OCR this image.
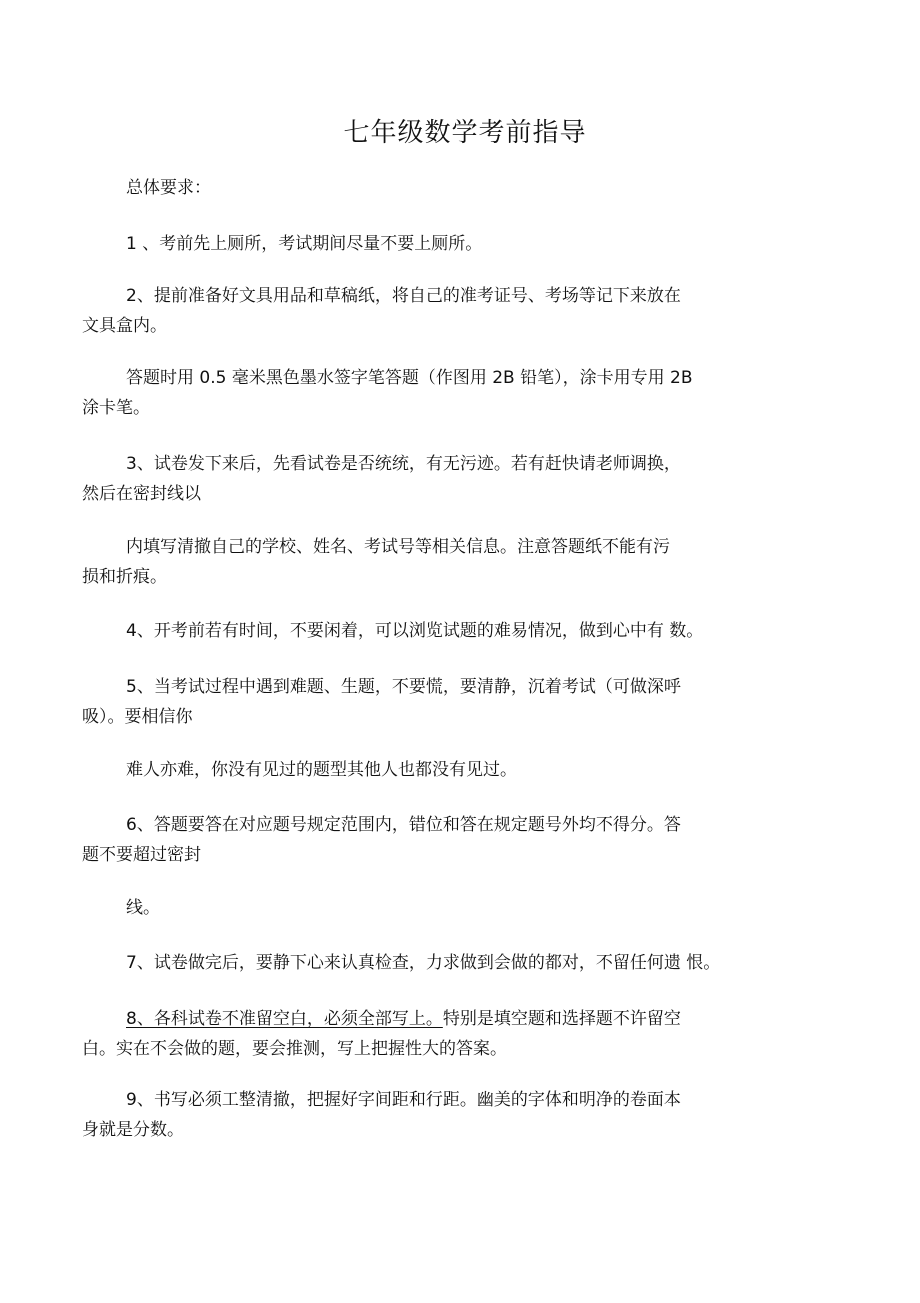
七年级数学考前指导
总体要求：
1 、考前先上厕所，考试期间尽量不要上厕所。
2、提前准备好文具用品和草稿纸，将自己的准考证号、考场等记下来放在
文具盒内。
答题时用 0.5 毫米黑色墨水签字笔答题（作图用 2B 铅笔），涂卡用专用 2B
涂卡笔。
3、试卷发下来后，先看试卷是否统统，有无污迹。若有赶快请老师调换，
然后在密封线以
内填写清撤自己的学校、姓名、考试号等相关信息。注意答题纸不能有污
损和折痕。
4、开考前若有时间，不要闲着，可以浏览试题的难易情况，做到心中有 数。
5、当考试过程中遇到难题、生题，不要慌，要清静，沉着考试（可做深呼
吸）。要相信你
难人亦难，你没有见过的题型其他人也都没有见过。
6、答题要答在对应题号规定范围内，错位和答在规定题号外均不得分。答
题不要超过密封
线。
7、试卷做完后，要静下心来认真检查，力求做到会做的都对，不留任何遗 恨。
8、各科试卷不准留空白，必须全部写上。特别是填空题和选择题不许留空
白。实在不会做的题，要会推测，写上把握性大的答案。
9、书写必须工整清撤，把握好字间距和行距。幽美的字体和明净的卷面本
身就是分数。
